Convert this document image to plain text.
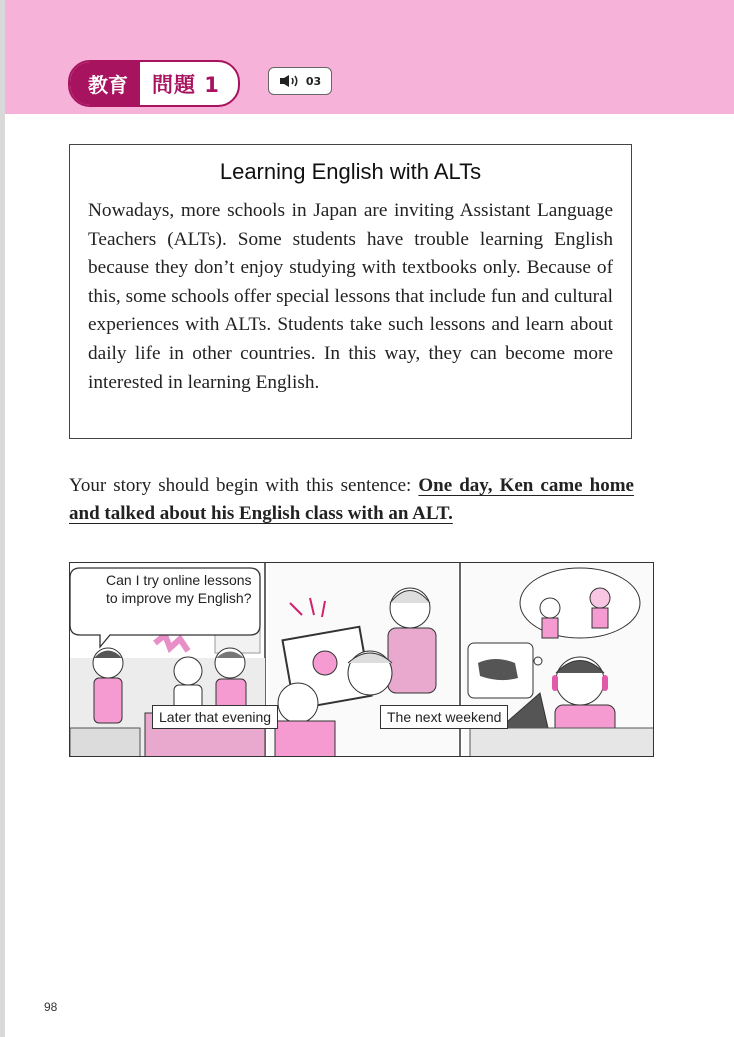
教育	問題 1	03
Learning English with ALTs

Nowadays, more schools in Japan are inviting Assistant Language Teachers (ALTs). Some students have trouble learning English because they don’t enjoy studying with textbooks only. Because of this, some schools offer special lessons that include fun and cultural experiences with ALTs. Students take such lessons and learn about daily life in other countries. In this way, they can become more interested in learning English.

Your story should begin with this sentence: One day, Ken came home and talked about his English class with an ALT.
Can I try online lessons to improve my English?
Later that evening	The next weekend
98
